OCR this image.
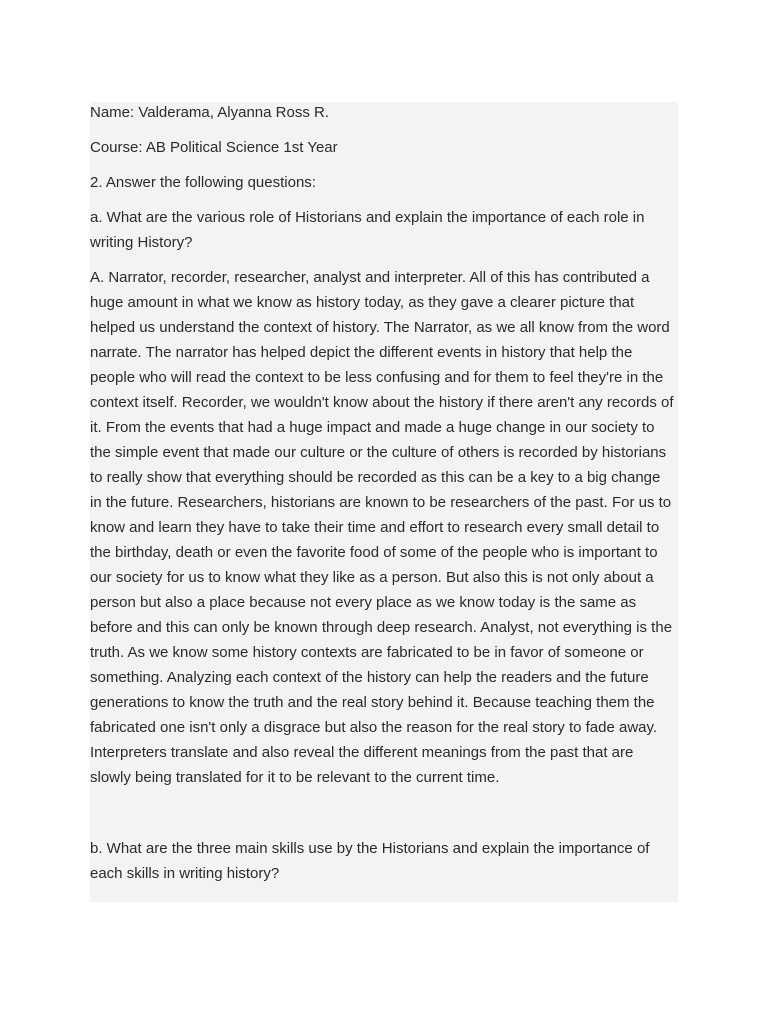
Name: Valderama, Alyanna Ross R.

Course: AB Political Science 1st Year

2. Answer the following questions:

a. What are the various role of Historians and explain the importance of each role in

writing History?

A. Narrator, recorder, researcher, analyst and interpreter. All of this has contributed a

huge amount in what we know as history today, as they gave a clearer picture that

helped us understand the context of history. The Narrator, as we all know from the word

narrate. The narrator has helped depict the different events in history that help the

people who will read the context to be less confusing and for them to feel they're in the

context itself. Recorder, we wouldn't know about the history if there aren't any records of

it. From the events that had a huge impact and made a huge change in our society to

the simple event that made our culture or the culture of others is recorded by historians

to really show that everything should be recorded as this can be a key to a big change

in the future. Researchers, historians are known to be researchers of the past. For us to

know and learn they have to take their time and effort to research every small detail to

the birthday, death or even the favorite food of some of the people who is important to

our society for us to know what they like as a person. But also this is not only about a

person but also a place because not every place as we know today is the same as

before and this can only be known through deep research. Analyst, not everything is the

truth. As we know some history contexts are fabricated to be in favor of someone or

something. Analyzing each context of the history can help the readers and the future

generations to know the truth and the real story behind it. Because teaching them the

fabricated one isn't only a disgrace but also the reason for the real story to fade away.

Interpreters translate and also reveal the different meanings from the past that are

slowly being translated for it to be relevant to the current time.

b. What are the three main skills use by the Historians and explain the importance of

each skills in writing history?
